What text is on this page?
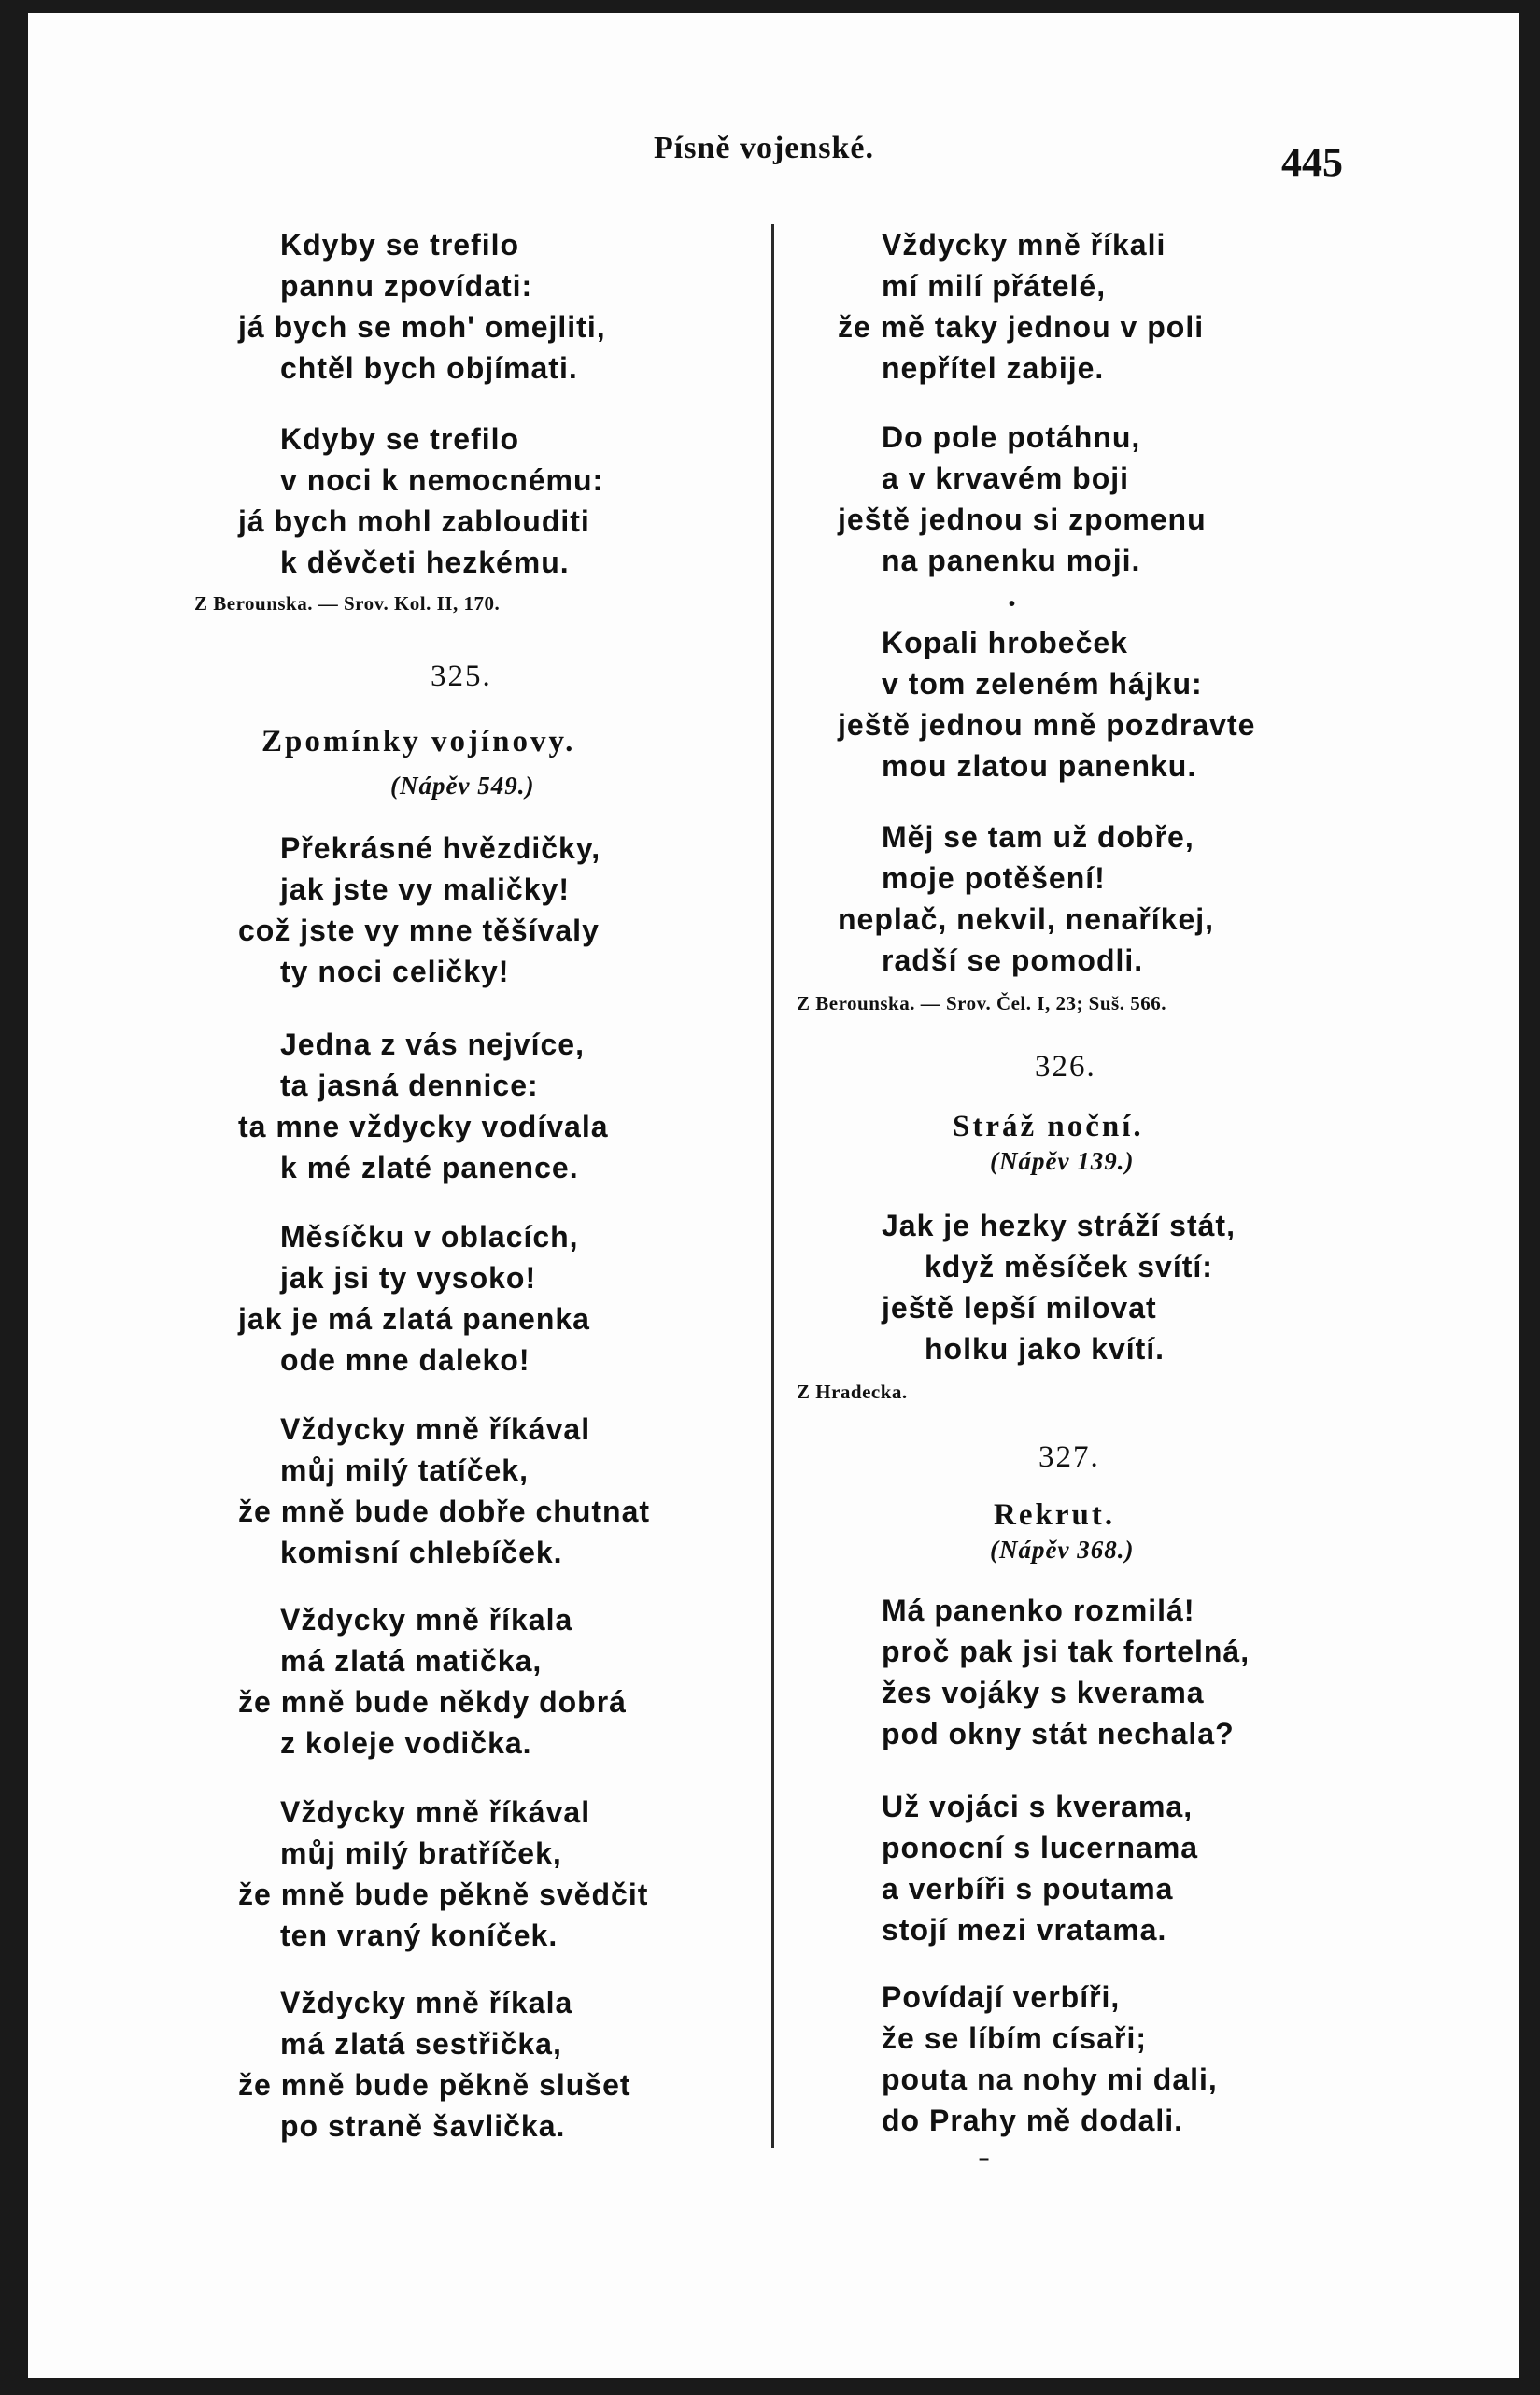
Písně vojenské.	445
Kdyby se trefilo
pannu zpovídati:
já bych se moh' omejliti,
chtěl bych objímati.
Kdyby se trefilo
v noci k nemocnému:
já bych mohl zablouditi
k děvčeti hezkému.
Z Berounska. — Srov. Kol. II, 170.
325.
Zpomínky vojínovy.
(Nápěv 549.)
Překrásné hvězdičky,
jak jste vy maličky!
což jste vy mne těšívaly
ty noci celičky!
Jedna z vás nejvíce,
ta jasná dennice:
ta mne vždycky vodívala
k mé zlaté panence.
Měsíčku v oblacích,
jak jsi ty vysoko!
jak je má zlatá panenka
ode mne daleko!
Vždycky mně říkával
můj milý tatíček,
že mně bude dobře chutnat
komisní chlebíček.
Vždycky mně říkala
má zlatá matička,
že mně bude někdy dobrá
z koleje vodička.
Vždycky mně říkával
můj milý bratříček,
že mně bude pěkně svědčit
ten vraný koníček.
Vždycky mně říkala
má zlatá sestřička,
že mně bude pěkně slušet
po straně šavlička.
Vždycky mně říkali
mí milí přátelé,
že mě taky jednou v poli
nepřítel zabije.
Do pole potáhnu,
a v krvavém boji
ještě jednou si zpomenu
na panenku moji.
•
Kopali hrobeček
v tom zeleném hájku:
ještě jednou mně pozdravte
mou zlatou panenku.
Měj se tam už dobře,
moje potěšení!
neplač, nekvil, nenaříkej,
radší se pomodli.
Z Berounska. — Srov. Čel. I, 23; Suš. 566.
326.
Stráž noční.
(Nápěv 139.)
Jak je hezky stráží stát,
když měsíček svítí:
ještě lepší milovat
holku jako kvítí.
Z Hradecka.
327.
Rekrut.
(Nápěv 368.)
Má panenko rozmilá!
proč pak jsi tak fortelná,
žes vojáky s kverama
pod okny stát nechala?
Už vojáci s kverama,
ponocní s lucernama
a verbíři s poutama
stojí mezi vratama.
Povídají verbíři,
že se líbím císaři;
pouta na nohy mi dali,
do Prahy mě dodali.
–
